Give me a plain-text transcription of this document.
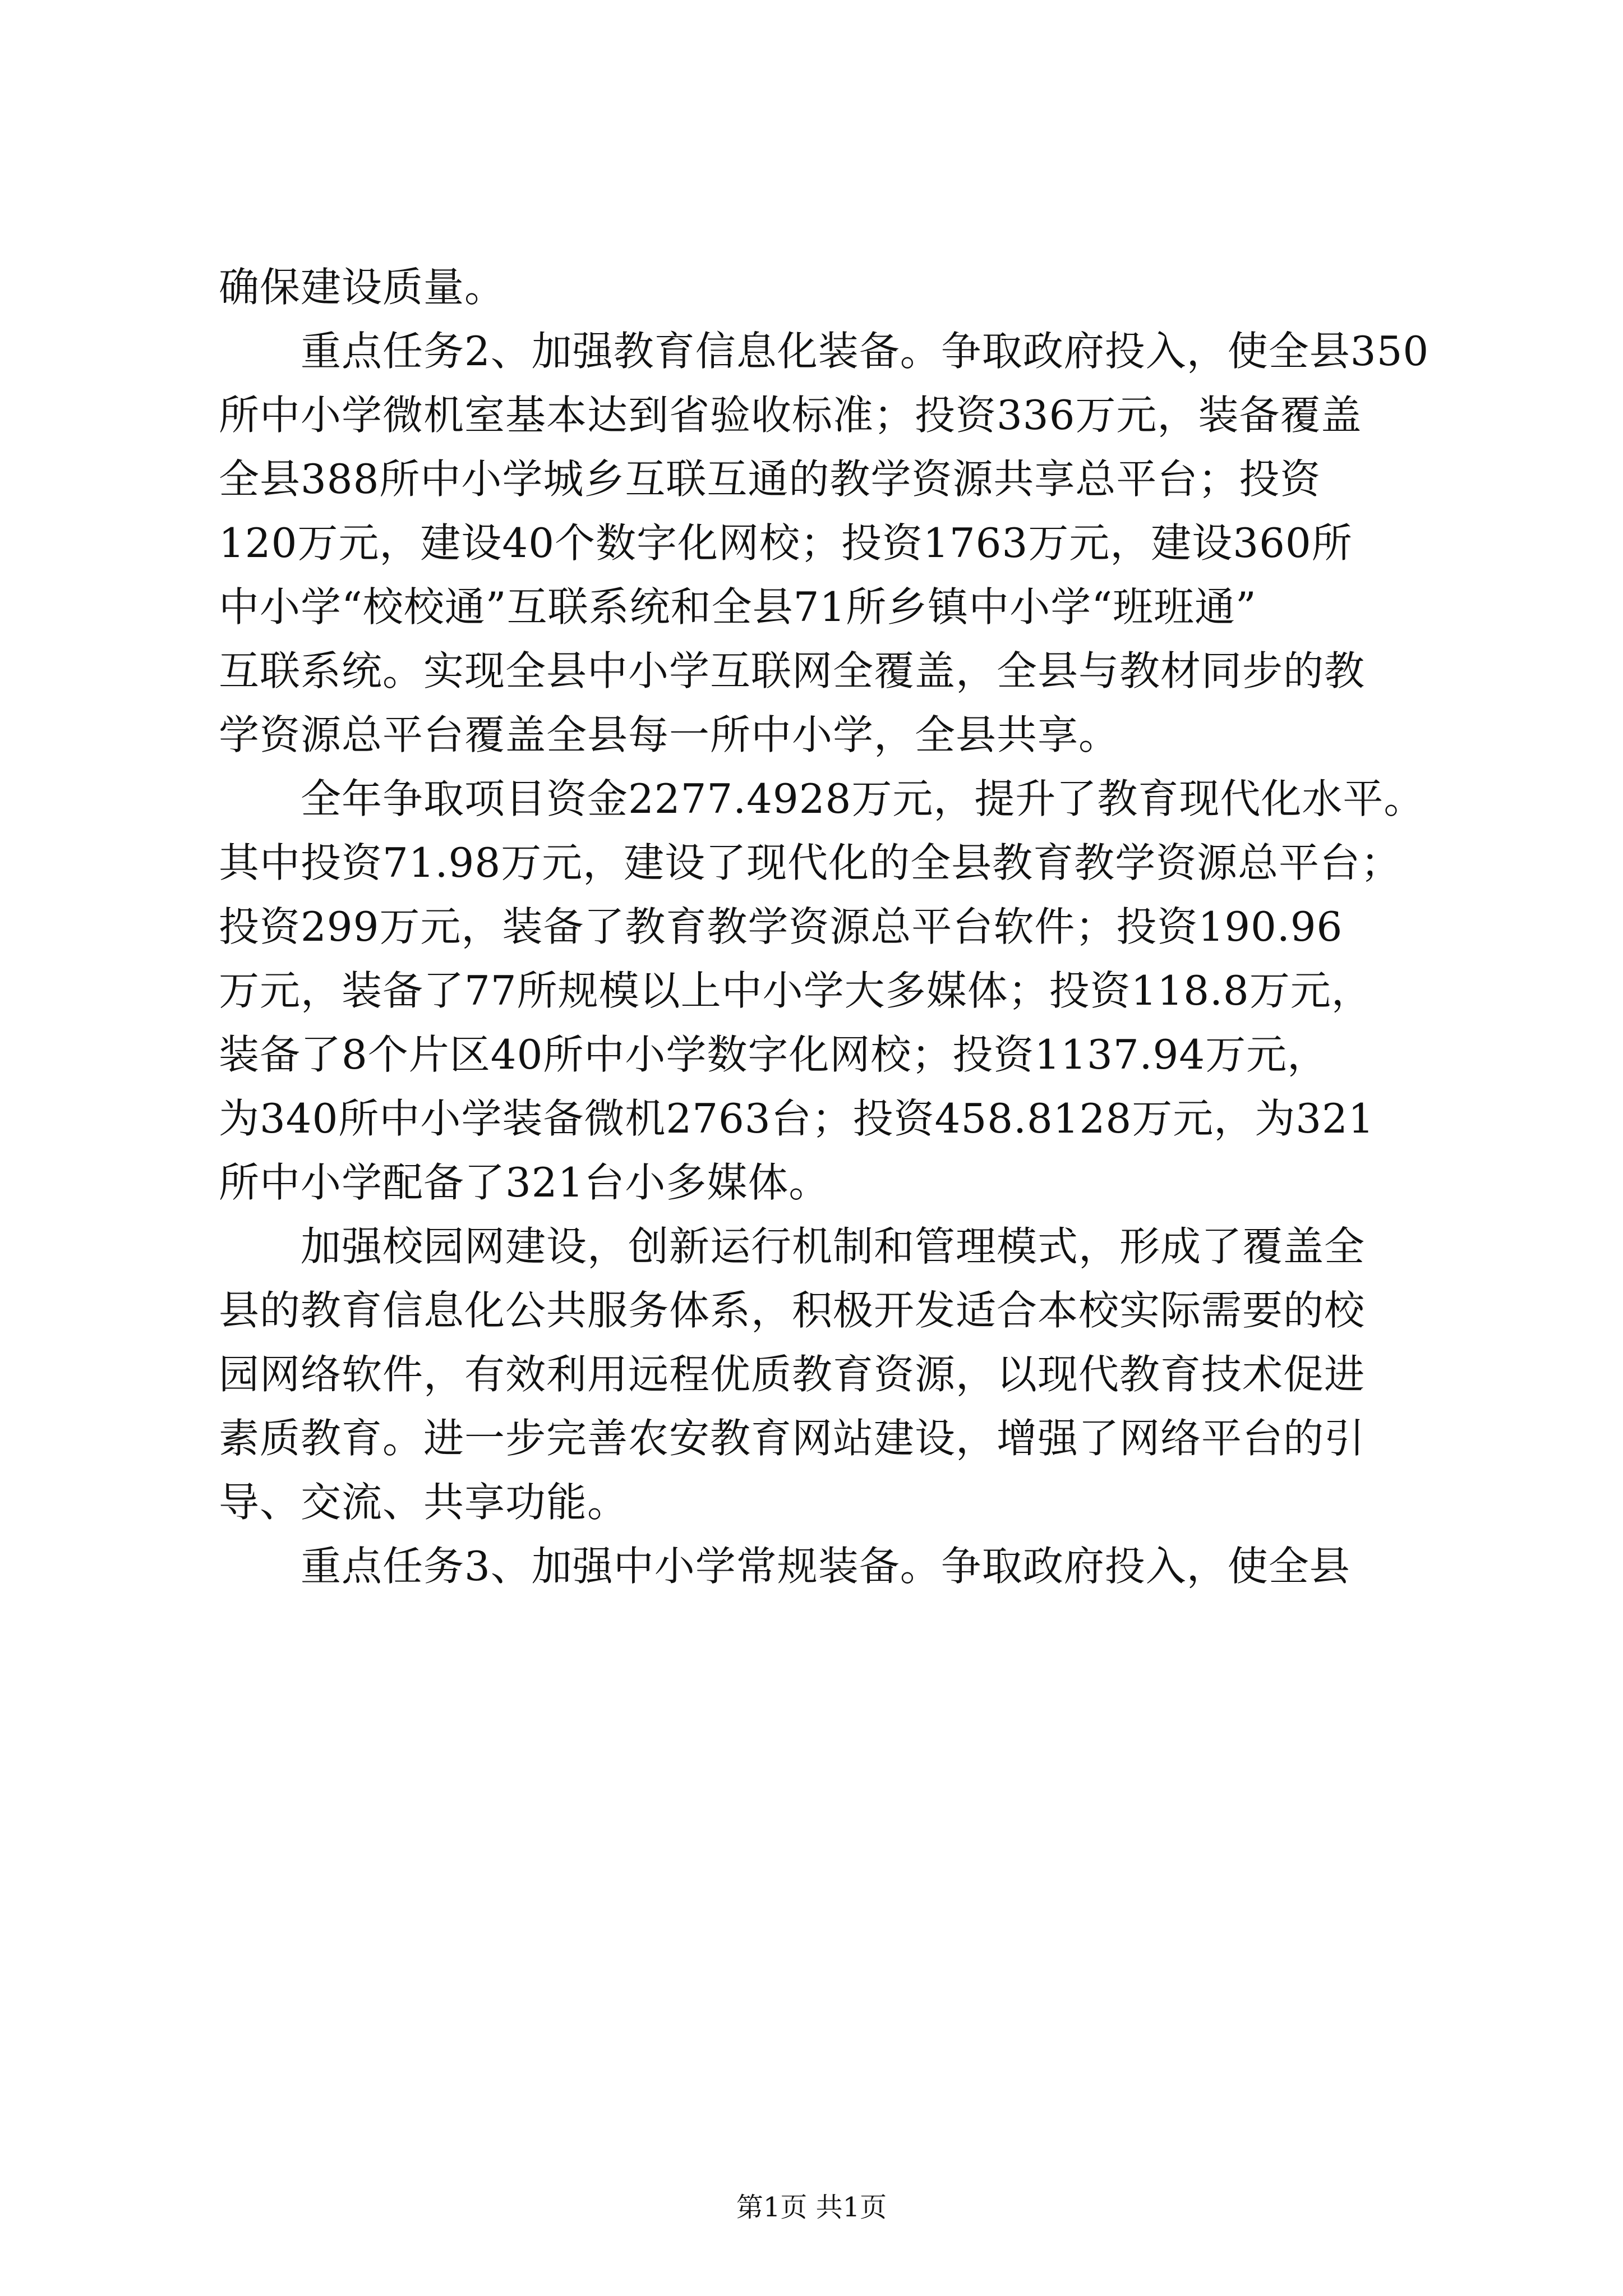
确保建设质量。
　　重点任务2、加强教育信息化装备。争取政府投入，使全县350
所中小学微机室基本达到省验收标准；投资336万元，装备覆盖
全县388所中小学城乡互联互通的教学资源共享总平台；投资
120万元，建设40个数字化网校；投资1763万元，建设360所
中小学“校校通”互联系统和全县71所乡镇中小学“班班通”
互联系统。实现全县中小学互联网全覆盖，全县与教材同步的教
学资源总平台覆盖全县每一所中小学，全县共享。
　　全年争取项目资金2277.4928万元，提升了教育现代化水平。
其中投资71.98万元，建设了现代化的全县教育教学资源总平台；
投资299万元，装备了教育教学资源总平台软件；投资190.96
万元，装备了77所规模以上中小学大多媒体；投资118.8万元，
装备了8个片区40所中小学数字化网校；投资1137.94万元，
为340所中小学装备微机2763台；投资458.8128万元，为321
所中小学配备了321台小多媒体。
　　加强校园网建设，创新运行机制和管理模式，形成了覆盖全
县的教育信息化公共服务体系，积极开发适合本校实际需要的校
园网络软件，有效利用远程优质教育资源，以现代教育技术促进
素质教育。进一步完善农安教育网站建设，增强了网络平台的引
导、交流、共享功能。
　　重点任务3、加强中小学常规装备。争取政府投入，使全县
第1页 共1页
